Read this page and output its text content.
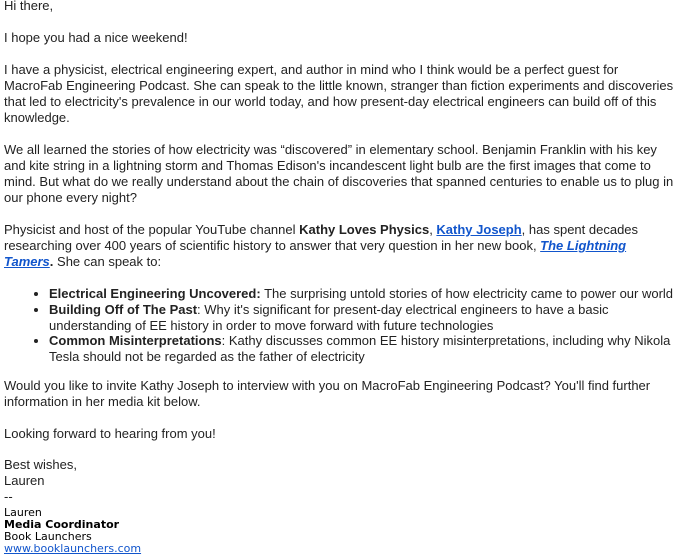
Hi there,

I hope you had a nice weekend!

I have a physicist, electrical engineering expert, and author in mind who I think would be a perfect guest for MacroFab Engineering Podcast. She can speak to the little known, stranger than fiction experiments and discoveries that led to electricity's prevalence in our world today, and how present-day electrical engineers can build off of this knowledge.

We all learned the stories of how electricity was “discovered” in elementary school. Benjamin Franklin with his key and kite string in a lightning storm and Thomas Edison's incandescent light bulb are the first images that come to mind. But what do we really understand about the chain of discoveries that spanned centuries to enable us to plug in our phone every night?

Physicist and host of the popular YouTube channel Kathy Loves Physics, Kathy Joseph, has spent decades researching over 400 years of scientific history to answer that very question in her new book, The Lightning Tamers. She can speak to:

• Electrical Engineering Uncovered: The surprising untold stories of how electricity came to power our world
• Building Off of The Past: Why it's significant for present-day electrical engineers to have a basic understanding of EE history in order to move forward with future technologies
• Common Misinterpretations: Kathy discusses common EE history misinterpretations, including why Nikola Tesla should not be regarded as the father of electricity

Would you like to invite Kathy Joseph to interview with you on MacroFab Engineering Podcast? You'll find further information in her media kit below.

Looking forward to hearing from you!

Best wishes,

Lauren

--

Lauren
Media Coordinator
Book Launchers
www.booklaunchers.com
